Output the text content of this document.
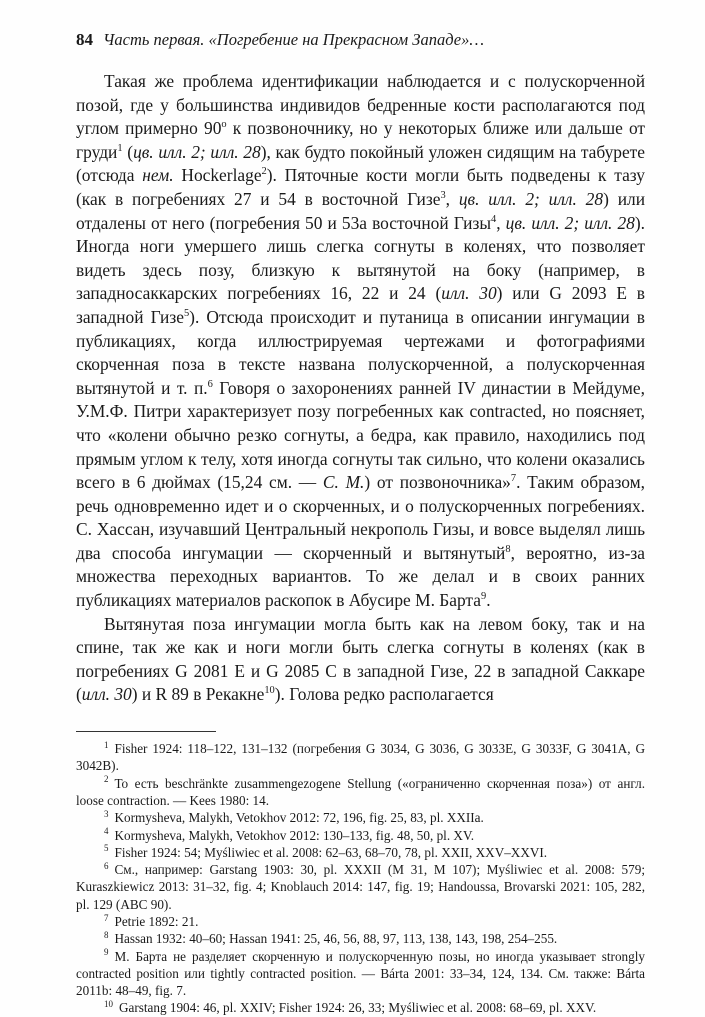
84 Часть первая. «Погребение на Прекрасном Западе»…

Такая же проблема идентификации наблюдается и с полускорченной позой, где у большинства индивидов бедренные кости располагаются под углом примерно 90$^o$ к позвоночнику, но у некоторых ближе или дальше от груди$^1$ (цв. илл. 2; илл. 28), как будто покойный уложен сидящим на табурете (отсюда нем. Hockerlage$^2$). Пяточные кости могли быть подведены к тазу (как в погребениях 27 и 54 в восточной Гизе$^3$, цв. илл. 2; илл. 28) или отдалены от него (погребения 50 и 53а восточной Гизы$^4$, цв. илл. 2; илл. 28). Иногда ноги умершего лишь слегка согнуты в коленях, что позволяет видеть здесь позу, близкую к вытянутой на боку (например, в западносаккарских погребениях 16, 22 и 24 (илл. 30) или G 2093 E в западной Гизе$^5$). Отсюда происходит и путаница в описании ингумации в публикациях, когда иллюстрируемая чертежами и фотографиями скорченная поза в тексте названа полускорченной, а полускорченная вытянутой и т. п.$^6$ Говоря о захоронениях ранней IV династии в Мейдуме, У.М.Ф. Питри характеризует позу погребенных как contracted, но поясняет, что «колени обычно резко согнуты, а бедра, как правило, находились под прямым углом к телу, хотя иногда согнуты так сильно, что колени оказались всего в 6 дюймах (15,24 см. — С. М.) от позвоночника»$^7$. Таким образом, речь одновременно идет и о скорченных, и о полускорченных погребениях. С. Хассан, изучавший Центральный некрополь Гизы, и вовсе выделял лишь два способа ингумации — скорченный и вытянутый$^8$, вероятно, из-за множества переходных вариантов. То же делал и в своих ранних публикациях материалов раскопок в Абусире М. Барта$^9$.

Вытянутая поза ингумации могла быть как на левом боку, так и на спине, так же как и ноги могли быть слегка согнуты в коленях (как в погребениях G 2081 E и G 2085 C в западной Гизе, 22 в западной Саккаре (илл. 30) и R 89 в Рекакне$^{10}$). Голова редко располагается

$^1$ Fisher 1924: 118–122, 131–132 (погребения G 3034, G 3036, G 3033E, G 3033F, G 3041A, G 3042B).

$^2$ То есть beschränkte zusammengezogene Stellung («ограниченно скорченная поза») от англ. loose contraction. — Kees 1980: 14.

$^3$ Kormysheva, Malykh, Vetokhov 2012: 72, 196, fig. 25, 83, pl. XXIIa.

$^4$ Kormysheva, Malykh, Vetokhov 2012: 130–133, fig. 48, 50, pl. XV.

$^5$ Fisher 1924: 54; Myśliwiec et al. 2008: 62–63, 68–70, 78, pl. XXII, XXV–XXVI.

$^6$ См., например: Garstang 1903: 30, pl. XXXII (M 31, M 107); Myśliwiec et al. 2008: 579; Kuraszkiewicz 2013: 31–32, fig. 4; Knoblauch 2014: 147, fig. 19; Handoussa, Brovarski 2021: 105, 282, pl. 129 (ABC 90).

$^7$ Petrie 1892: 21.

$^8$ Hassan 1932: 40–60; Hassan 1941: 25, 46, 56, 88, 97, 113, 138, 143, 198, 254–255.

$^9$ М. Барта не разделяет скорченную и полускорченную позы, но иногда указывает strongly contracted position или tightly contracted position. — Bárta 2001: 33–34, 124, 134. См. также: Bárta 2011b: 48–49, fig. 7.

$^{10}$ Garstang 1904: 46, pl. XXIV; Fisher 1924: 26, 33; Myśliwiec et al. 2008: 68–69, pl. XXV.
